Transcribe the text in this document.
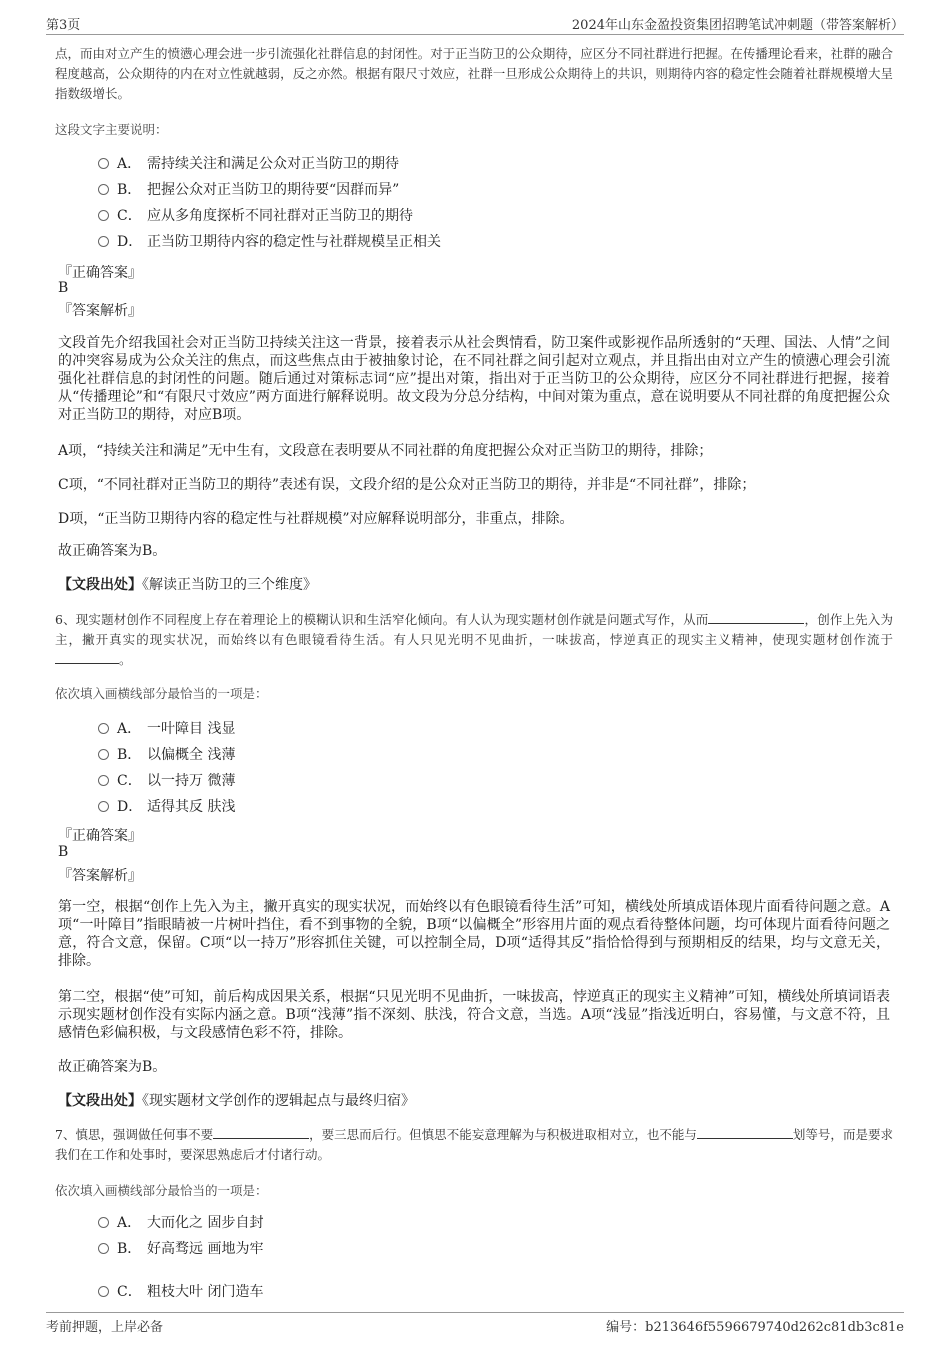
第3页	2024年山东金盈投资集团招聘笔试冲刺题（带答案解析）
点，而由对立产生的愤懑心理会进一步引流强化社群信息的封闭性。对于正当防卫的公众期待，应区分不同社群进行把握。在传播理论看来，社群的融合程度越高，公众期待的内在对立性就越弱，反之亦然。根据有限尺寸效应，社群一旦形成公众期待上的共识，则期待内容的稳定性会随着社群规模增大呈指数级增长。
这段文字主要说明：
A． 需持续关注和满足公众对正当防卫的期待
B． 把握公众对正当防卫的期待要“因群而异”
C． 应从多角度探析不同社群对正当防卫的期待
D． 正当防卫期待内容的稳定性与社群规模呈正相关
『正确答案』
B
『答案解析』
文段首先介绍我国社会对正当防卫持续关注这一背景，接着表示从社会舆情看，防卫案件或影视作品所透射的“天理、国法、人情”之间的冲突容易成为公众关注的焦点，而这些焦点由于被抽象讨论，在不同社群之间引起对立观点，并且指出由对立产生的愤懑心理会引流强化社群信息的封闭性的问题。随后通过对策标志词“应”提出对策，指出对于正当防卫的公众期待，应区分不同社群进行把握，接着从“传播理论”和“有限尺寸效应”两方面进行解释说明。故文段为分总分结构，中间对策为重点，意在说明要从不同社群的角度把握公众对正当防卫的期待，对应B项。
A项，“持续关注和满足”无中生有，文段意在表明要从不同社群的角度把握公众对正当防卫的期待，排除；
C项，“不同社群对正当防卫的期待”表述有误，文段介绍的是公众对正当防卫的期待，并非是“不同社群”，排除；
D项，“正当防卫期待内容的稳定性与社群规模”对应解释说明部分，非重点，排除。
故正确答案为B。
【文段出处】《解读正当防卫的三个维度》
6、现实题材创作不同程度上存在着理论上的模糊认识和生活窄化倾向。有人认为现实题材创作就是问题式写作，从而	，创作上先入为主，撇开真实的现实状况，而始终以有色眼镜看待生活。有人只见光明不见曲折，一味拔高，悖逆真正的现实主义精神，使现实题材创作流于。
依次填入画横线部分最恰当的一项是：
A． 一叶障目 浅显
B． 以偏概全 浅薄
C． 以一持万 微薄
D． 适得其反 肤浅
『正确答案』
B
『答案解析』
第一空，根据“创作上先入为主，撇开真实的现实状况，而始终以有色眼镜看待生活”可知，横线处所填成语体现片面看待问题之意。A项“一叶障目”指眼睛被一片树叶挡住，看不到事物的全貌，B项“以偏概全”形容用片面的观点看待整体问题，均可体现片面看待问题之意，符合文意，保留。C项“以一持万”形容抓住关键，可以控制全局，D项“适得其反”指恰恰得到与预期相反的结果，均与文意无关，排除。
第二空，根据“使”可知，前后构成因果关系，根据“只见光明不见曲折，一味拔高，悖逆真正的现实主义精神”可知，横线处所填词语表示现实题材创作没有实际内涵之意。B项“浅薄”指不深刻、肤浅，符合文意，当选。A项“浅显”指浅近明白，容易懂，与文意不符，且感情色彩偏积极，与文段感情色彩不符，排除。
故正确答案为B。
【文段出处】《现实题材文学创作的逻辑起点与最终归宿》
7、慎思，强调做任何事不要	，要三思而后行。但慎思不能妄意理解为与积极进取相对立，也不能与	划等号，而是要求我们在工作和处事时，要深思熟虑后才付诸行动。
依次填入画横线部分最恰当的一项是：
A． 大而化之 固步自封
B． 好高骛远 画地为牢
C． 粗枝大叶 闭门造车
考前押题，上岸必备	编号：b213646f5596679740d262c81db3c81e
